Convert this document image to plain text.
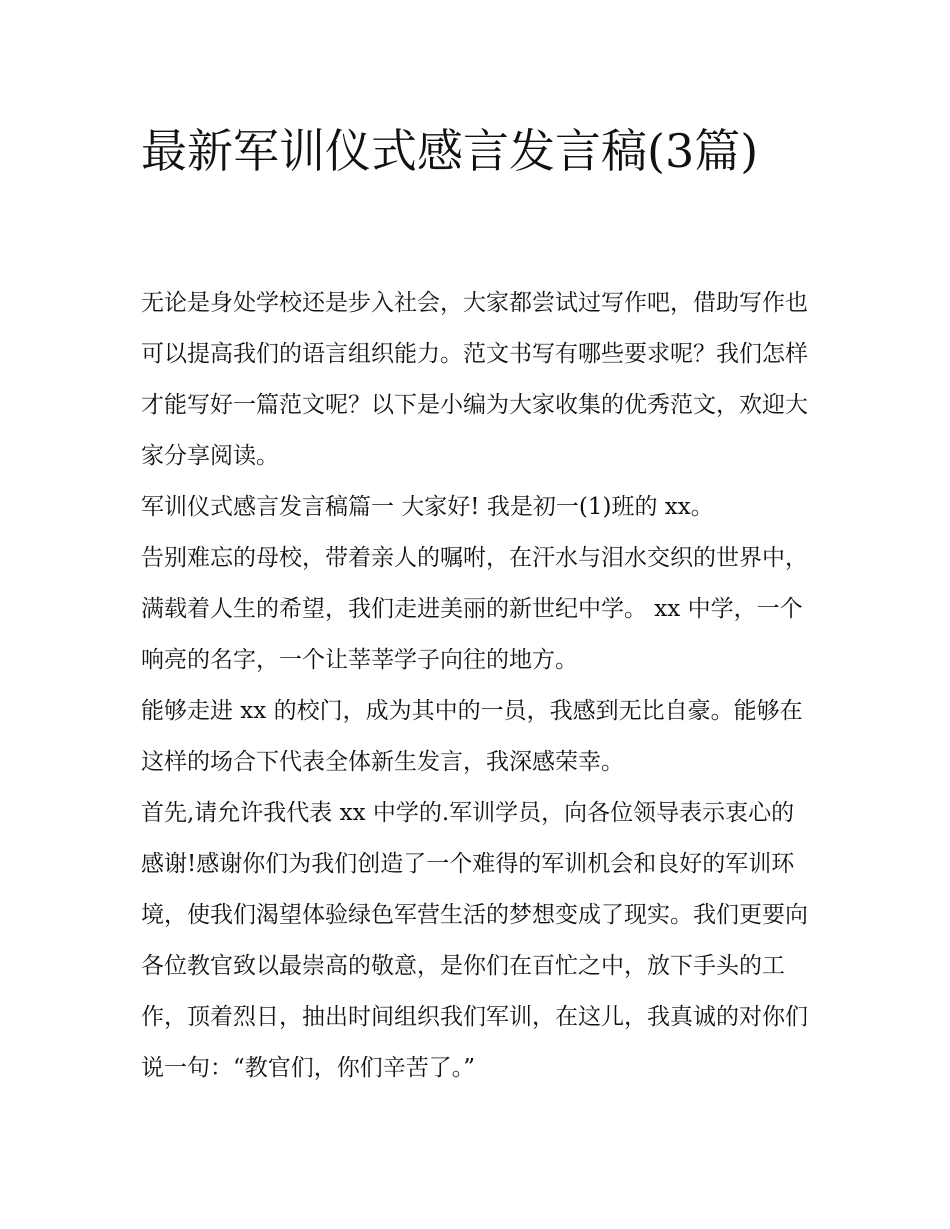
最新军训仪式感言发言稿(3篇)

无论是身处学校还是步入社会，大家都尝试过写作吧，借助写作也可以提高我们的语言组织能力。范文书写有哪些要求呢？我们怎样才能写好一篇范文呢？以下是小编为大家收集的优秀范文，欢迎大家分享阅读。

军训仪式感言发言稿篇一 大家好! 我是初一(1)班的 xx。

告别难忘的母校，带着亲人的嘱咐，在汗水与泪水交织的世界中，满载着人生的希望，我们走进美丽的新世纪中学。 xx 中学，一个响亮的名字，一个让莘莘学子向往的地方。

能够走进 xx 的校门，成为其中的一员，我感到无比自豪。能够在这样的场合下代表全体新生发言，我深感荣幸。

首先,请允许我代表 xx 中学的.军训学员，向各位领导表示衷心的感谢!感谢你们为我们创造了一个难得的军训机会和良好的军训环境，使我们渴望体验绿色军营生活的梦想变成了现实。我们更要向各位教官致以最崇高的敬意，是你们在百忙之中，放下手头的工作，顶着烈日，抽出时间组织我们军训，在这儿，我真诚的对你们说一句：“教官们，你们辛苦了。”
